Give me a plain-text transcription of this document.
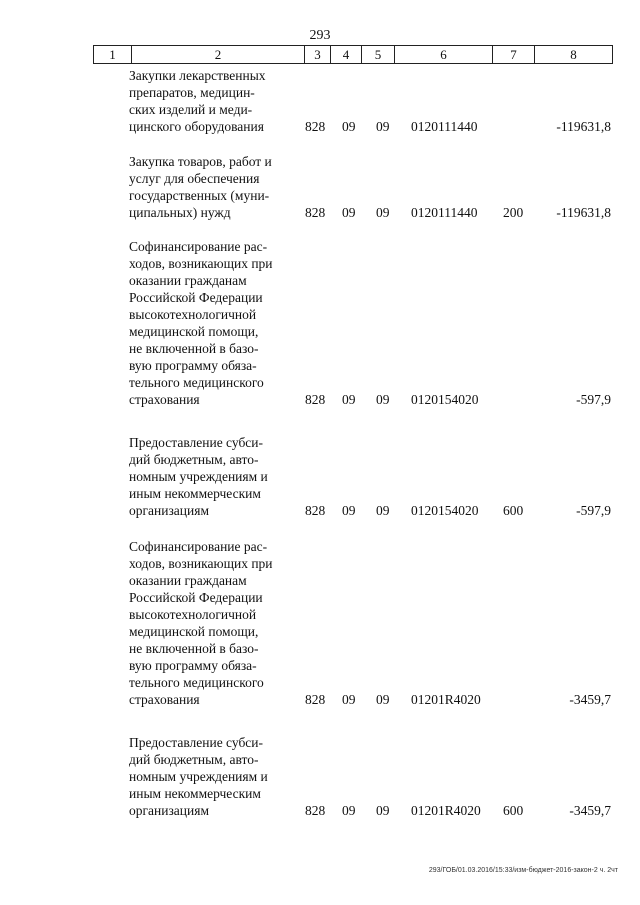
293
1	2	3	4	5	6	7	8
Закупки лекарственных
препаратов, медицин-
ских изделий и меди-
цинского оборудования	828 09 09 0120111440	-119631,8
Закупка товаров, работ и
услуг для обеспечения
государственных (муни-
ципальных) нужд	828 09 09 0120111440 200 -119631,8
Софинансирование рас-
ходов, возникающих при
оказании гражданам
Российской Федерации
высокотехнологичной
медицинской помощи,
не включенной в базо-
вую программу обяза-
тельного медицинского
страхования	828 09 09 0120154020	-597,9
Предоставление субси-
дий бюджетным, авто-
номным учреждениям и
иным некоммерческим
организациям	828 09 09 0120154020 600	-597,9
Софинансирование рас-
ходов, возникающих при
оказании гражданам
Российской Федерации
высокотехнологичной
медицинской помощи,
не включенной в базо-
вую программу обяза-
тельного медицинского
страхования	828 09 09 01201R4020	-3459,7
Предоставление субси-
дий бюджетным, авто-
номным учреждениям и
иным некоммерческим
организациям	828 09 09 01201R4020 600	-3459,7
293/ГОБ/01.03.2016/15:33/изм-бюджет-2016-закон-2 ч. 2чт
